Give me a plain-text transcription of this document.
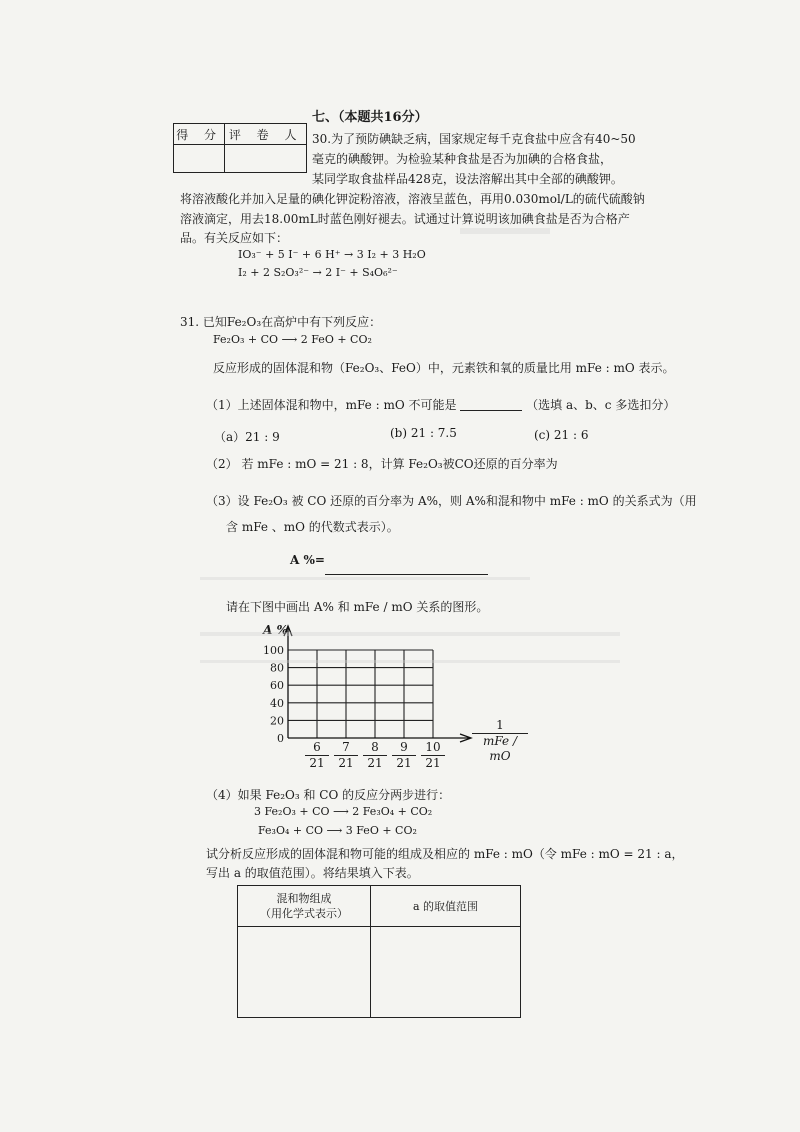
七、（本题共16分）
得 分	评 卷 人
	30.为了预防碘缺乏病，国家规定每千克食盐中应含有40~50
毫克的碘酸钾。为检验某种食盐是否为加碘的合格食盐，
某同学取食盐样品428克，设法溶解出其中全部的碘酸钾。
将溶液酸化并加入足量的碘化钾淀粉溶液，溶液呈蓝色，再用0.030mol/L的硫代硫酸钠
溶液滴定，用去18.00mL时蓝色刚好褪去。试通过计算说明该加碘食盐是否为合格产
品。有关反应如下：
IO₃⁻ + 5 I⁻ + 6 H⁺ → 3 I₂ + 3 H₂O
I₂ + 2 S₂O₃²⁻ → 2 I⁻ + S₄O₆²⁻
31. 已知Fe₂O₃在高炉中有下列反应：
Fe₂O₃ + CO ⟶ 2 FeO + CO₂
反应形成的固体混和物（Fe₂O₃、FeO）中，元素铁和氧的质量比用 mFe : mO 表示。
（1）上述固体混和物中，mFe : mO 不可能是	（选填 a、b、c 多选扣分）
（a）21 : 9	(b) 21 : 7.5	(c) 21 : 6
（2） 若 mFe : mO = 21 : 8，计算 Fe₂O₃被CO还原的百分率为
（3）设 Fe₂O₃ 被 CO 还原的百分率为 A%，则 A%和混和物中 mFe : mO 的关系式为（用
含 mFe 、mO 的代数式表示）。
A %=
请在下图中画出 A% 和 mFe / mO 关系的图形。
A %
0
20
40
60
80
100
$\frac{6}{21} \frac{7}{21} \frac{8}{21} \frac{9}{21} \frac{10}{21}$
1
mFe / mO
（4）如果 Fe₂O₃ 和 CO 的反应分两步进行：
3 Fe₂O₃ + CO ⟶ 2 Fe₃O₄ + CO₂
Fe₃O₄ + CO ⟶ 3 FeO + CO₂
试分析反应形成的固体混和物可能的组成及相应的 mFe : mO（令 mFe : mO = 21 : a，
写出 a 的取值范围）。将结果填入下表。
混和物组成
（用化学式表示）	a 的取值范围
